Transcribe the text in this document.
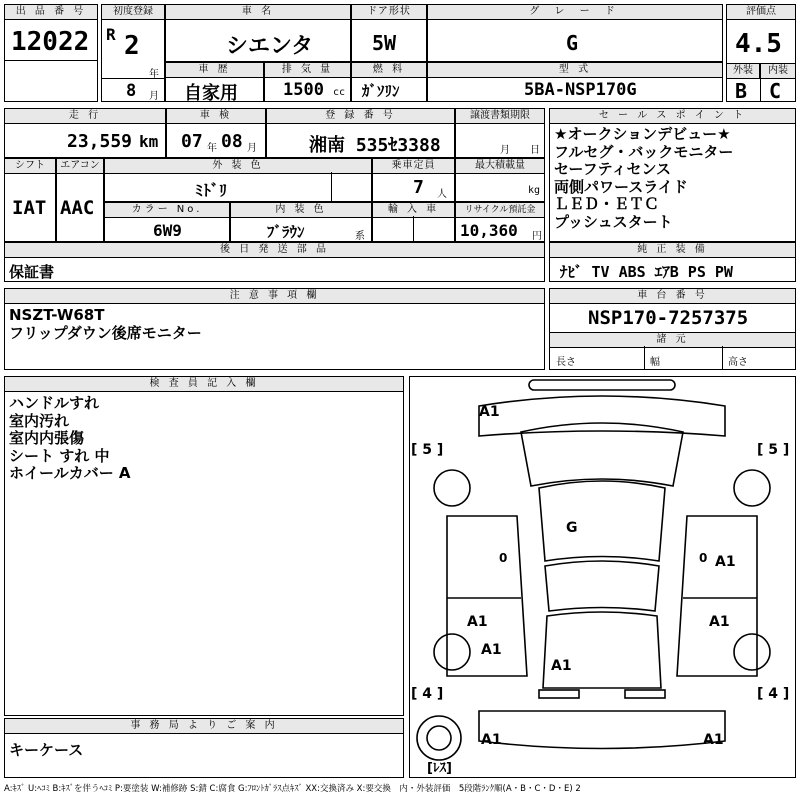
出 品 番 号
12022
初度登録
R 2
年
8 月
車 名
シエンタ
ドア形状
5W
グ レ ー ド
G
評価点
4.5
外装	内装
B C
車 歴
自家用
排 気 量
1500 cc
燃 料
ｶﾞｿﾘﾝ
型 式
5BA-NSP170G
走 行
23,559 km
車 検
07 年 08 月
登 録 番 号
湘南 535ｾ3388
譲渡書類期限
月 日
シフト
IAT
エアコン
AAC
外 装 色
ﾐﾄﾞﾘ
乗車定員
7 人
最大積載量
kg
カラー No.
6W9
内 装 色
ﾌﾞﾗｳﾝ	系
輸 入 車	リサイクル預託金
10,360 円
セ ー ル ス ポ イ ン ト
★オークションデビュー★
フルセグ・バックモニター
セーフティセンス
両側パワースライド
ＬＥＤ・ＥＴＣ
プッシュスタート
後 日 発 送 部 品
保証書
純 正 装 備
ﾅﾋﾞ TV ABS ｴｱB PS PW
注 意 事 項 欄
NSZT-W68T
フリップダウン後席モニター
車 台 番 号
NSP170-7257375
諸 元
長さ	幅	高さ
検 査 員 記 入 欄
ハンドルすれ
室内汚れ
室内内張傷
シート すれ 中
ホイールカバー A
事 務 局 よ り ご 案 内
キーケース
[ 5 ]	[ 5 ]
[ 4 ]	[ 4 ]
[ﾚｽ]
A1
G
0	A1
A1
0
A1
A1
A1
A1	A1
A:ｷｽﾞ U:ﾍｺﾐ B:ｷｽﾞを伴うﾍｺﾐ P:要塗装 W:補修跡 S:錆 C:腐食 G:ﾌﾛﾝﾄｶﾞﾗｽ点ｷｽﾞ XX:交換済み X:要交換　内・外装評価　5段階ﾗﾝｸ順(A・B・C・D・E) 2
